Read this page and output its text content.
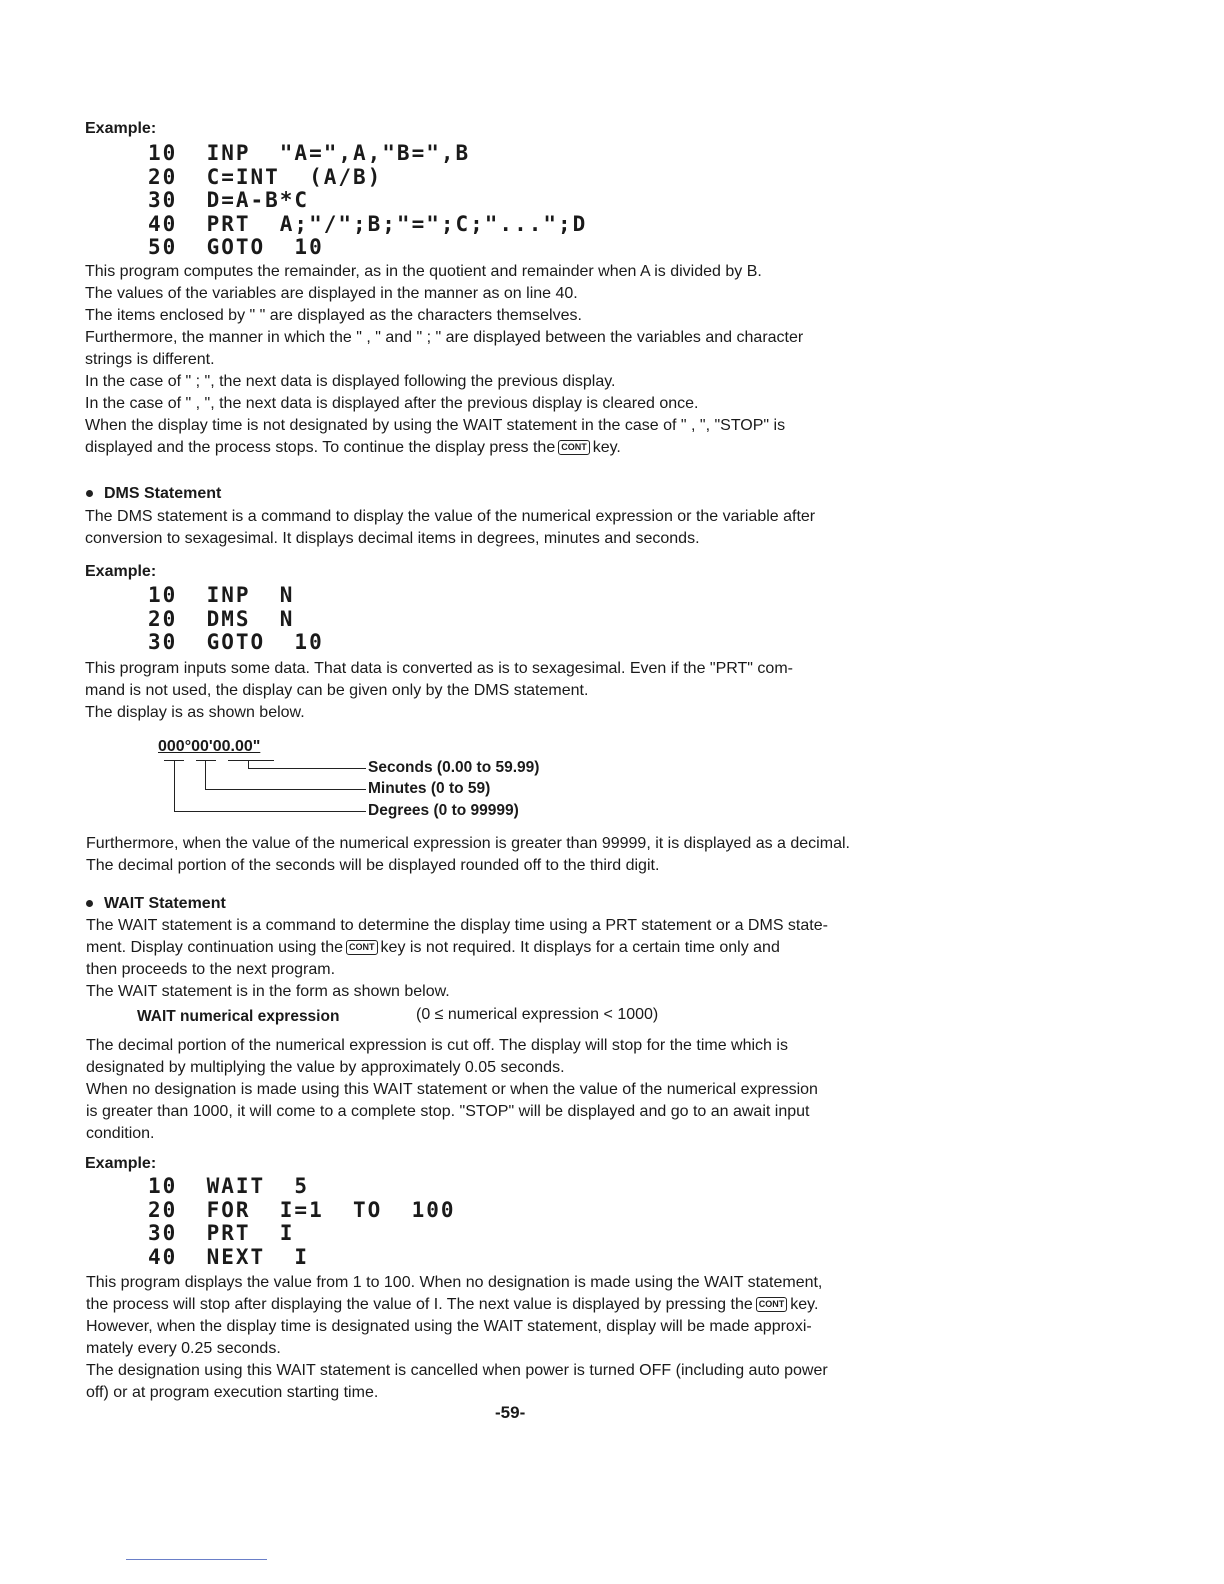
Example:
10  INP  "A=",A,"B=",B
20  C=INT  (A/B)
30  D=A-B*C
40  PRT  A;"/";B;"=";C;"...";D
50  GOTO  10
This program computes the remainder, as in the quotient and remainder when A is divided by B.
The values of the variables are displayed in the manner as on line 40.
The items enclosed by " " are displayed as the characters themselves.
Furthermore, the manner in which the " , " and " ; " are displayed between the variables and character
strings is different.
In the case of " ; ", the next data is displayed following the previous display.
In the case of " , ", the next data is displayed after the previous display is cleared once.
When the display time is not designated by using the WAIT statement in the case of " , ", "STOP" is
displayed and the process stops. To continue the display press the CONT key.
DMS Statement
The DMS statement is a command to display the value of the numerical expression or the variable after
conversion to sexagesimal. It displays decimal items in degrees, minutes and seconds.
Example:
10  INP  N
20  DMS  N
30  GOTO  10
This program inputs some data. That data is converted as is to sexagesimal. Even if the "PRT" com-
mand is not used, the display can be given only by the DMS statement.
The display is as shown below.
000°00'00.00"
Seconds (0.00 to 59.99)
Minutes (0 to 59)
Degrees (0 to 99999)
Furthermore, when the value of the numerical expression is greater than 99999, it is displayed as a decimal.
The decimal portion of the seconds will be displayed rounded off to the third digit.
WAIT Statement
The WAIT statement is a command to determine the display time using a PRT statement or a DMS state-
ment. Display continuation using the CONT key is not required. It displays for a certain time only and
then proceeds to the next program.
The WAIT statement is in the form as shown below.
WAIT numerical expression	(0 ≤ numerical expression < 1000)
The decimal portion of the numerical expression is cut off. The display will stop for the time which is
designated by multiplying the value by approximately 0.05 seconds.
When no designation is made using this WAIT statement or when the value of the numerical expression
is greater than 1000, it will come to a complete stop. "STOP" will be displayed and go to an await input
condition.
Example:
10  WAIT  5
20  FOR  I=1  TO  100
30  PRT  I
40  NEXT  I
This program displays the value from 1 to 100. When no designation is made using the WAIT statement,
the process will stop after displaying the value of I. The next value is displayed by pressing the CONT key.
However, when the display time is designated using the WAIT statement, display will be made approxi-
mately every 0.25 seconds.
The designation using this WAIT statement is cancelled when power is turned OFF (including auto power
off) or at program execution starting time.
-59-
